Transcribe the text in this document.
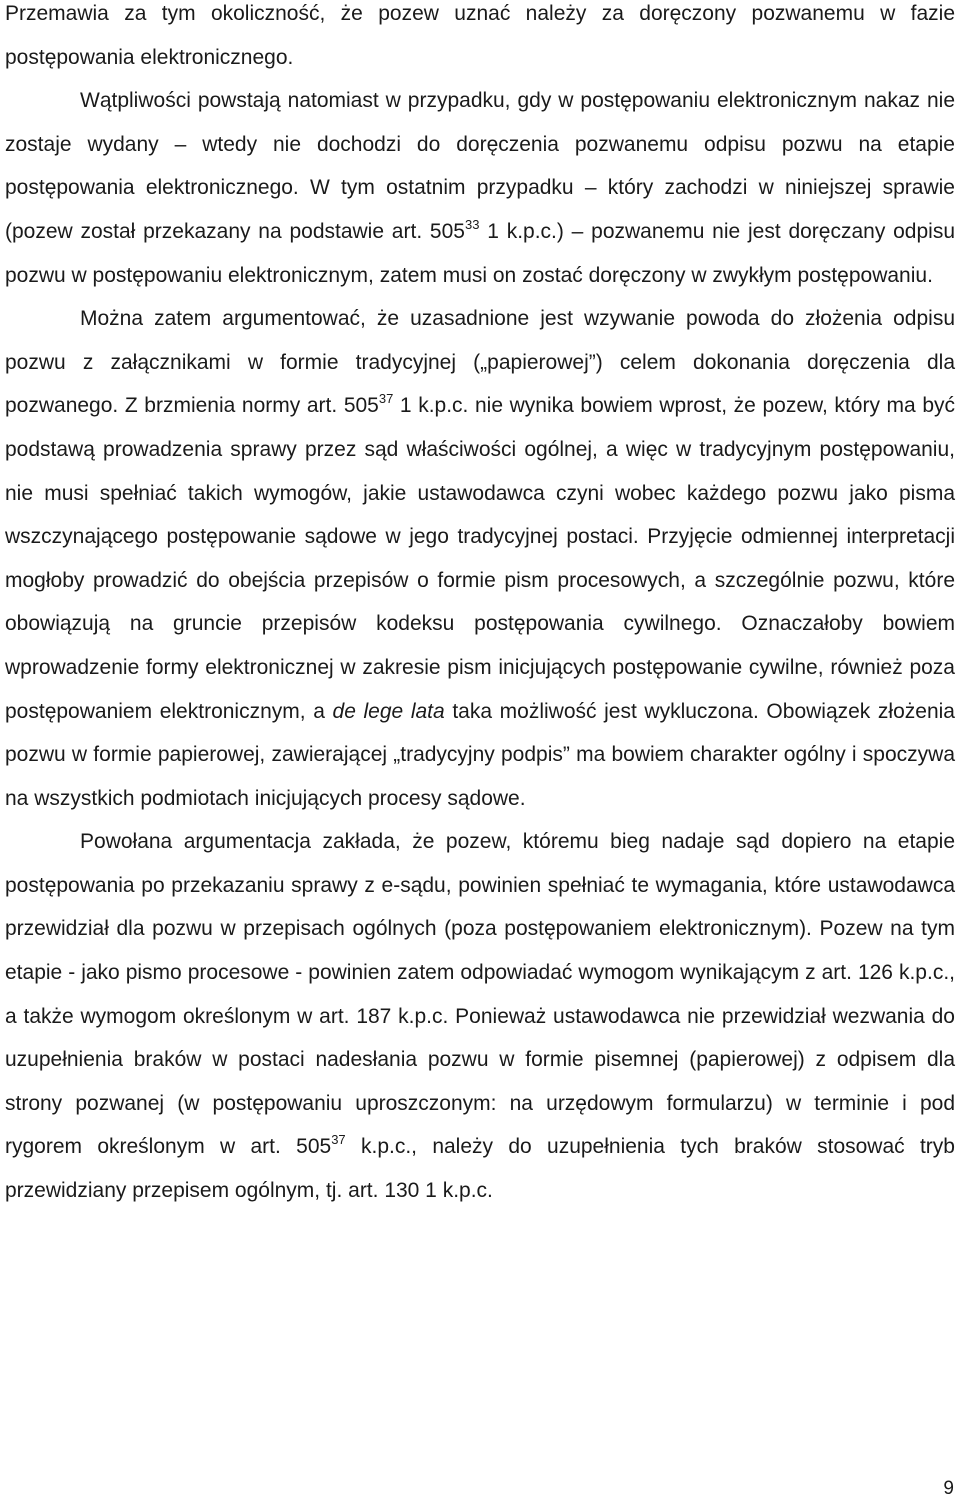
Przemawia za tym okoliczność, że pozew uznać należy za doręczony pozwanemu w fazie postępowania elektronicznego.

Wątpliwości powstają natomiast w przypadku, gdy w postępowaniu elektronicznym nakaz nie zostaje wydany – wtedy nie dochodzi do doręczenia pozwanemu odpisu pozwu na etapie postępowania elektronicznego. W tym ostatnim przypadku – który zachodzi w niniejszej sprawie (pozew został przekazany na podstawie art. $505^{33}$ 1 k.p.c.) – pozwanemu nie jest doręczany odpisu pozwu w postępowaniu elektronicznym, zatem musi on zostać doręczony w zwykłym postępowaniu.

Można zatem argumentować, że uzasadnione jest wzywanie powoda do złożenia odpisu pozwu z załącznikami w formie tradycyjnej („papierowej”) celem dokonania doręczenia dla pozwanego. Z brzmienia normy art. $505^{37}$ 1 k.p.c. nie wynika bowiem wprost, że pozew, który ma być podstawą prowadzenia sprawy przez sąd właściwości ogólnej, a więc w tradycyjnym postępowaniu, nie musi spełniać takich wymogów, jakie ustawodawca czyni wobec każdego pozwu jako pisma wszczynającego postępowanie sądowe w jego tradycyjnej postaci. Przyjęcie odmiennej interpretacji mogłoby prowadzić do obejścia przepisów o formie pism procesowych, a szczególnie pozwu, które obowiązują na gruncie przepisów kodeksu postępowania cywilnego. Oznaczałoby bowiem wprowadzenie formy elektronicznej w zakresie pism inicjujących postępowanie cywilne, również poza postępowaniem elektronicznym, a de lege lata taka możliwość jest wykluczona. Obowiązek złożenia pozwu w formie papierowej, zawierającej „tradycyjny podpis” ma bowiem charakter ogólny i spoczywa na wszystkich podmiotach inicjujących procesy sądowe.

Powołana argumentacja zakłada, że pozew, któremu bieg nadaje sąd dopiero na etapie postępowania po przekazaniu sprawy z e-sądu, powinien spełniać te wymagania, które ustawodawca przewidział dla pozwu w przepisach ogólnych (poza postępowaniem elektronicznym). Pozew na tym etapie - jako pismo procesowe - powinien zatem odpowiadać wymogom wynikającym z art. 126 k.p.c., a także wymogom określonym w art. 187 k.p.c. Ponieważ ustawodawca nie przewidział wezwania do uzupełnienia braków w postaci nadesłania pozwu w formie pisemnej (papierowej) z odpisem dla strony pozwanej (w postępowaniu uproszczonym: na urzędowym formularzu) w terminie i pod rygorem określonym w art. $505^{37}$ k.p.c., należy do uzupełnienia tych braków stosować tryb przewidziany przepisem ogólnym, tj. art. 130 1 k.p.c.

9
